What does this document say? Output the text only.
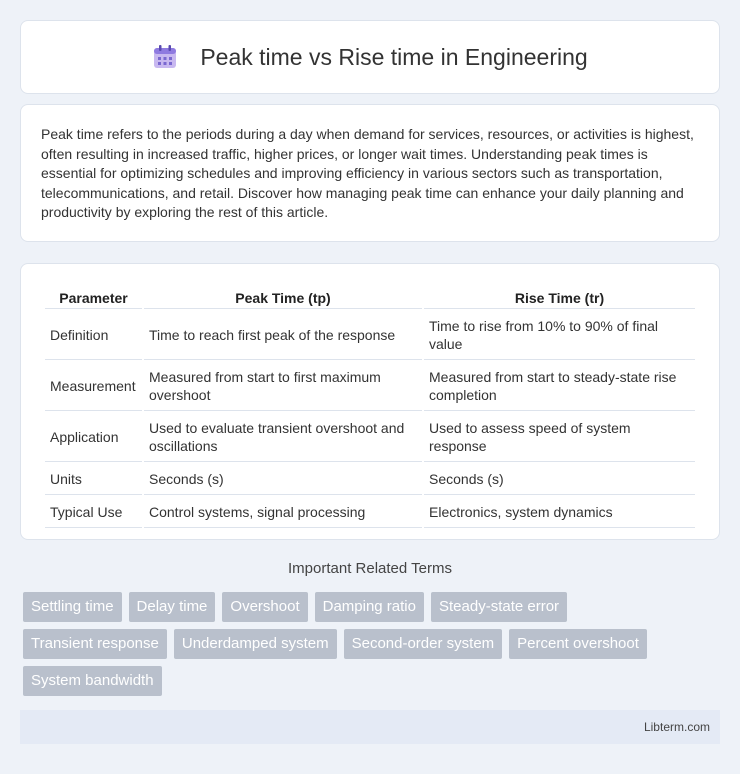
Peak time vs Rise time in Engineering

Peak time refers to the periods during a day when demand for services, resources, or activities is highest, often resulting in increased traffic, higher prices, or longer wait times. Understanding peak times is essential for optimizing schedules and improving efficiency in various sectors such as transportation, telecommunications, and retail. Discover how managing peak time can enhance your daily planning and productivity by exploring the rest of this article.

Parameter	Peak Time (tp)	Rise Time (tr)
Definition	Time to reach first peak of the response	Time to rise from 10% to 90% of final value
Measurement	Measured from start to first maximum overshoot	Measured from start to steady-state rise completion
Application	Used to evaluate transient overshoot and oscillations	Used to assess speed of system response
Units	Seconds (s)	Seconds (s)
Typical Use	Control systems, signal processing	Electronics, system dynamics
Important Related Terms
Settling time	Delay time	Overshoot	Damping ratio	Steady-state error
Transient response	Underdamped system	Second-order system	Percent overshoot
System bandwidth
Libterm.com
